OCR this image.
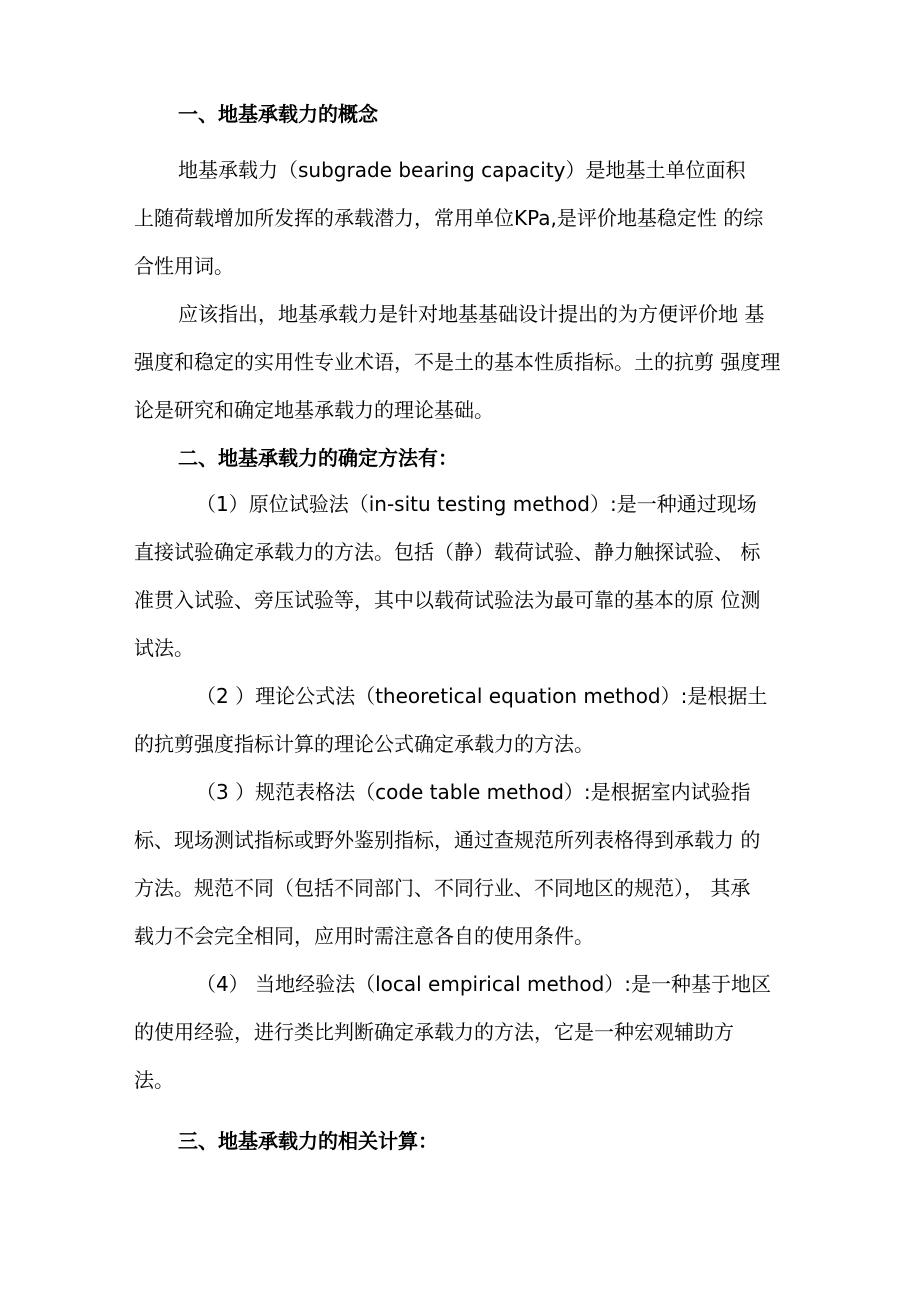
一、地基承载力的概念
地基承载力（subgrade bearing capacity）是地基土单位面积
上随荷载增加所发挥的承载潜力，常用单位KPa,是评价地基稳定性 的综
合性用词。
应该指出，地基承载力是针对地基基础设计提出的为方便评价地 基
强度和稳定的实用性专业术语，不是土的基本性质指标。土的抗剪 强度理
论是研究和确定地基承载力的理论基础。
二、地基承载力的确定方法有：
（1）原位试验法（in-situ testing method）:是一种通过现场
直接试验确定承载力的方法。包括（静）载荷试验、静力触探试验、 标
准贯入试验、旁压试验等，其中以载荷试验法为最可靠的基本的原 位测
试法。
（2 ）理论公式法（theoretical equation method）:是根据土
的抗剪强度指标计算的理论公式确定承载力的方法。
（3 ）规范表格法（code table method）:是根据室内试验指
标、现场测试指标或野外鉴别指标，通过查规范所列表格得到承载力 的
方法。规范不同（包括不同部门、不同行业、不同地区的规范）， 其承
载力不会完全相同，应用时需注意各自的使用条件。
（4） 当地经验法（local empirical method）:是一种基于地区
的使用经验，进行类比判断确定承载力的方法，它是一种宏观辅助方
法。
三、地基承载力的相关计算：
